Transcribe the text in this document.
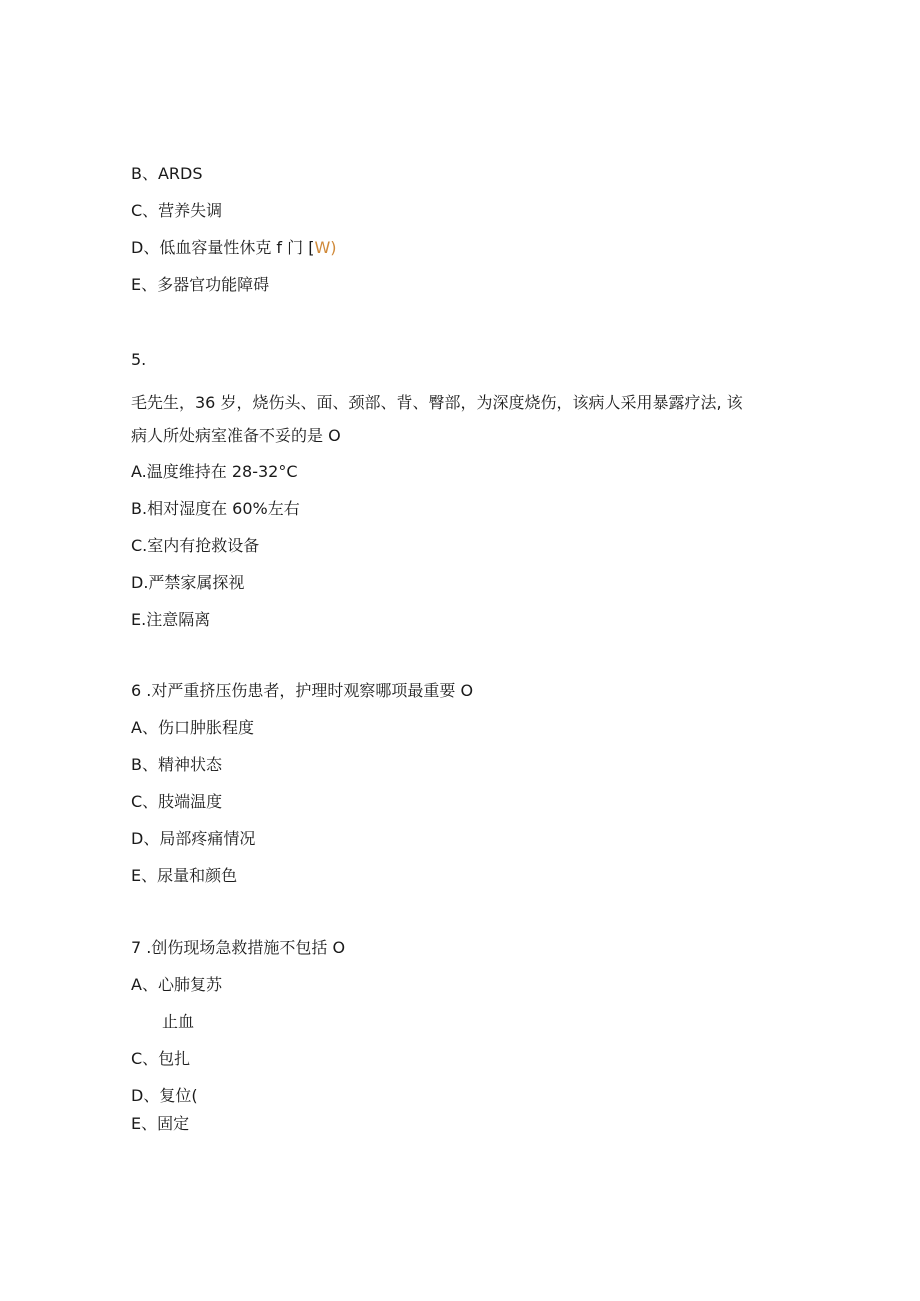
B、ARDS
C、营养失调
D、低血容量性休克 f 门 [W)
E、多器官功能障碍
5.
毛先生，36 岁，烧伤头、面、颈部、背、臀部，为深度烧伤，该病人采用暴露疗法, 该
病人所处病室准备不妥的是 O
A.温度维持在 28-32°C
B.相对湿度在 60%左右
C.室内有抢救设备
D.严禁家属探视
E.注意隔离
6 .对严重挤压伤患者，护理时观察哪项最重要 O
A、伤口肿胀程度
B、精神状态
C、肢端温度
D、局部疼痛情况
E、尿量和颜色
7 .创伤现场急救措施不包括 O
A、心肺复苏
止血
C、包扎
D、复位(
E、固定
